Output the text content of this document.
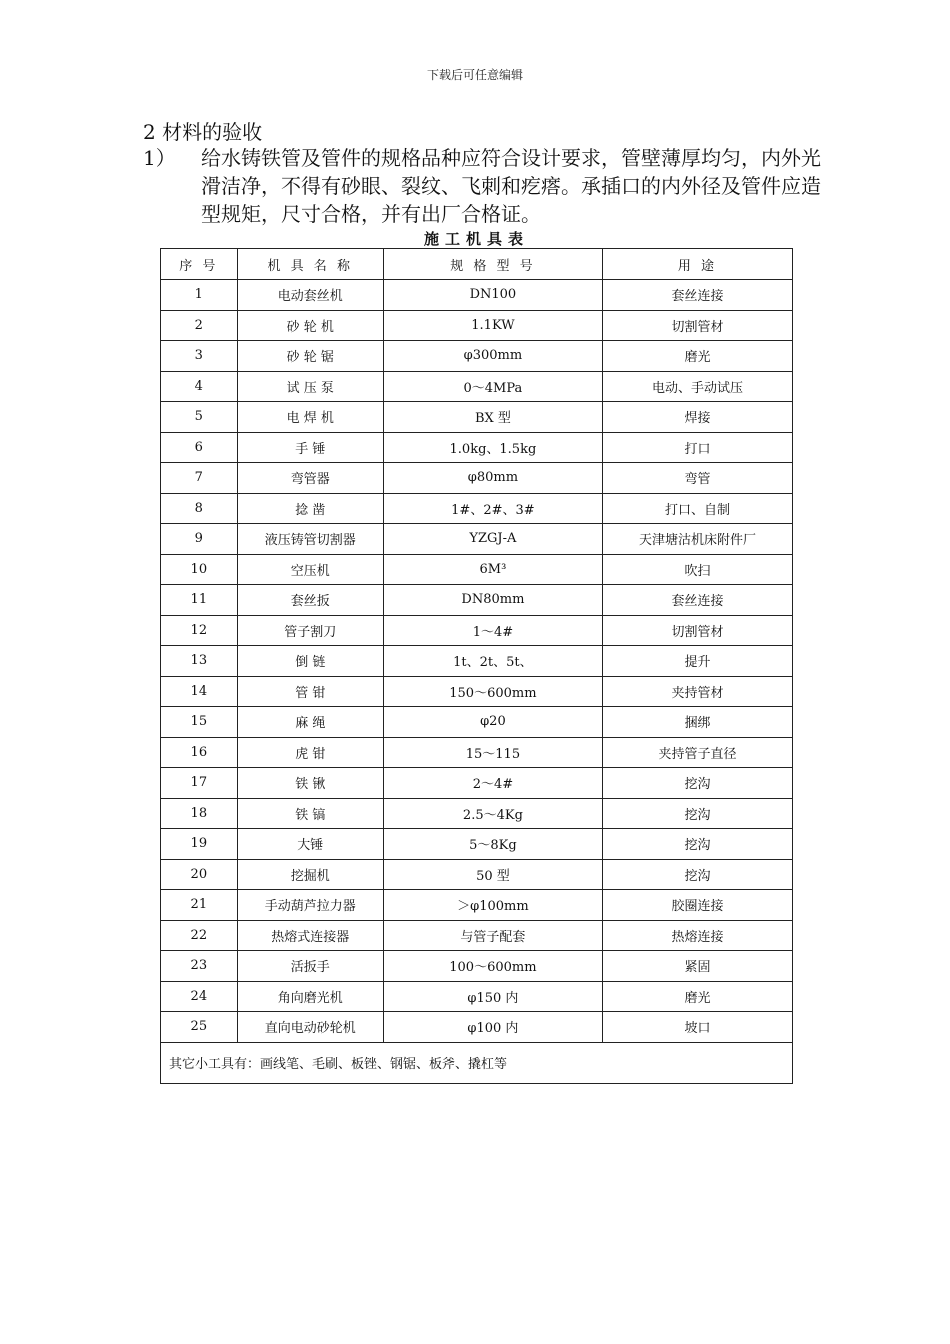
下载后可任意编辑
2 材料的验收
1） 给水铸铁管及管件的规格品种应符合设计要求，管壁薄厚均匀，内外光滑洁净，不得有砂眼、裂纹、飞刺和疙瘩。承插口的内外径及管件应造型规矩，尺寸合格，并有出厂合格证。
施工机具表
序 号	机 具 名 称	规 格 型 号	用 途
1	电动套丝机	DN100	套丝连接
2	砂 轮 机	1.1KW	切割管材
3	砂 轮 锯	φ300mm	磨光
4	试 压 泵	0～4MPa	电动、手动试压
5	电 焊 机	BX 型	焊接
6	手 锤	1.0kg、1.5kg	打口
7	弯管器	φ80mm	弯管
8	捻 凿	1#、2#、3#	打口、自制
9	液压铸管切割器	YZGJ-A	天津塘沽机床附件厂
10	空压机	6M³	吹扫
11	套丝扳	DN80mm	套丝连接
12	管子割刀	1～4#	切割管材
13	倒 链	1t、2t、5t、	提升
14	管 钳	150～600mm	夹持管材
15	麻 绳	φ20	捆绑
16	虎 钳	15～115	夹持管子直径
17	铁 锹	2～4#	挖沟
18	铁 镐	2.5～4Kg	挖沟
19	大锤	5～8Kg	挖沟
20	挖掘机	50 型	挖沟
21	手动葫芦拉力器	＞φ100mm	胶圈连接
22	热熔式连接器	与管子配套	热熔连接
23	活扳手	100～600mm	紧固
24	角向磨光机	φ150 内	磨光
25	直向电动砂轮机	φ100 内	坡口
其它小工具有：画线笔、毛刷、板锉、钢锯、板斧、撬杠等			
